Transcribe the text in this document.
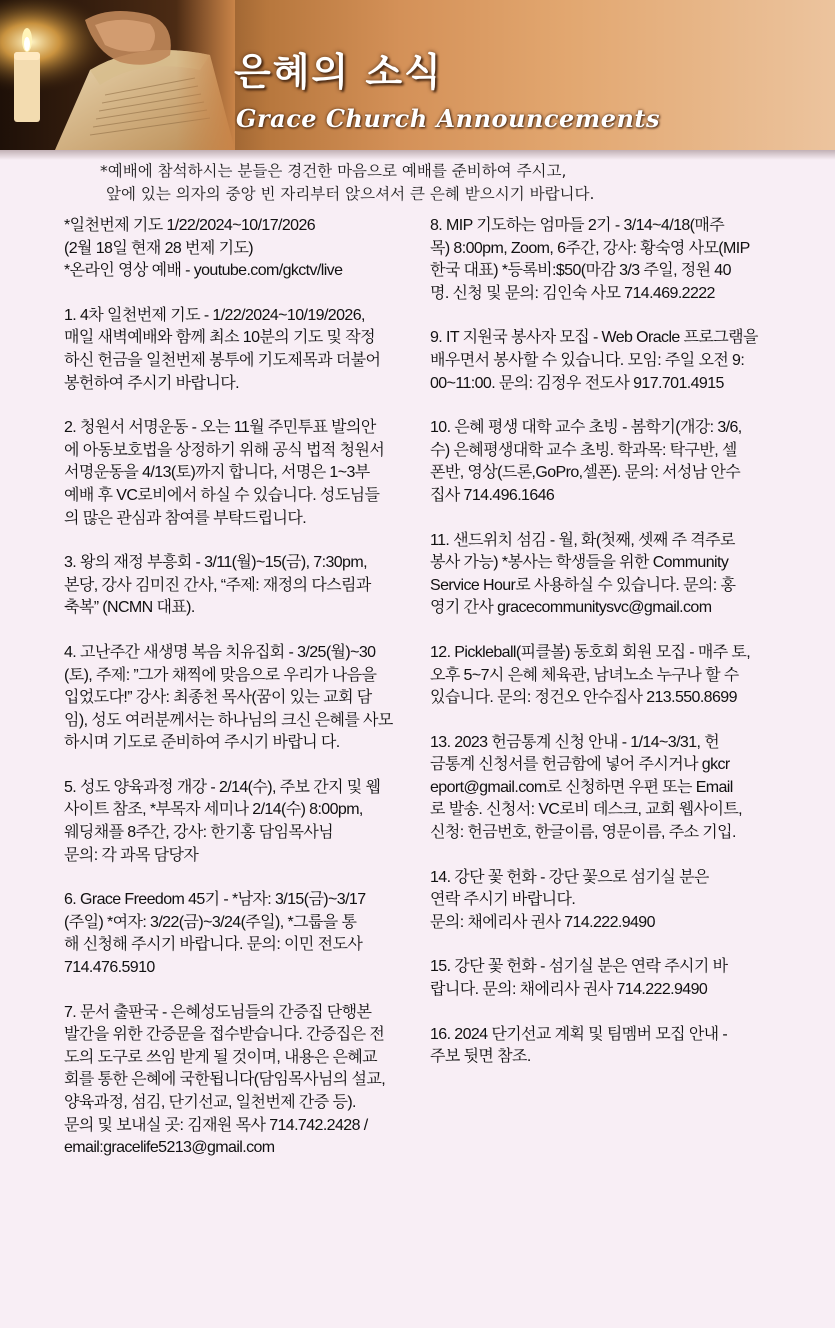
은혜의 소식
Grace Church Announcements

*예배에 참석하시는 분들은 경건한 마음으로 예배를 준비하여 주시고,

앞에 있는 의자의 중앙 빈 자리부터 앉으셔서 큰 은혜 받으시기 바랍니다.

*일천번제 기도 1/22/2024~10/17/2026

(2월 18일 현재 28 번제 기도)

*온라인 영상 예배 - youtube.com/gkctv/live

1. 4차 일천번제 기도 - 1/22/2024~10/19/2026,

매일 새벽예배와 함께 최소 10분의 기도 및 작정

하신 헌금을 일천번제 봉투에 기도제목과 더불어

봉헌하여 주시기 바랍니다.

2. 청원서 서명운동 - 오는 11월 주민투표 발의안

에 아동보호법을 상정하기 위해 공식 법적 청원서

서명운동을 4/13(토)까지 합니다, 서명은 1~3부

예배 후 VC로비에서 하실 수 있습니다. 성도님들

의 많은 관심과 참여를 부탁드립니다.

3. 왕의 재정 부흥회 - 3/11(월)~15(금), 7:30pm,

본당, 강사 김미진 간사, “주제: 재정의 다스림과

축복” (NCMN 대표).

4. 고난주간 새생명 복음 치유집회 - 3/25(월)~30

(토), 주제: ”그가 채찍에 맞음으로 우리가 나음을

입었도다!” 강사: 최종천 목사(꿈이 있는 교회 담

임), 성도 여러분께서는 하나님의 크신 은혜를 사모

하시며 기도로 준비하여 주시기 바랍니 다.

5. 성도 양육과정 개강 - 2/14(수), 주보 간지 및 웹

사이트 참조, *부목자 세미나 2/14(수) 8:00pm,

웨딩채플 8주간, 강사: 한기홍 담임목사님

문의: 각 과목 담당자

6. Grace Freedom 45기 - *남자: 3/15(금)~3/17

(주일) *여자: 3/22(금)~3/24(주일), *그룹을 통

해 신청해 주시기 바랍니다. 문의: 이민 전도사

714.476.5910

7. 문서 출판국 - 은혜성도님들의 간증집 단행본

발간을 위한 간증문을 접수받습니다. 간증집은 전

도의 도구로 쓰임 받게 될 것이며, 내용은 은혜교

회를 통한 은혜에 국한됩니다(담임목사님의 설교,

양육과정, 섬김, 단기선교, 일천번제 간증 등).

문의 및 보내실 곳: 김재원 목사 714.742.2428 /

email:gracelife5213@gmail.com

8. MIP 기도하는 엄마들 2기 - 3/14~4/18(매주

목) 8:00pm, Zoom, 6주간, 강사: 황숙영 사모(MIP

한국 대표) *등록비:$50(마감 3/3 주일, 정원 40

명. 신청 및 문의: 김인숙 사모 714.469.2222

9. IT 지원국 봉사자 모집 - Web Oracle 프로그램을

배우면서 봉사할 수 있습니다. 모임: 주일 오전 9:

00~11:00. 문의: 김정우 전도사 917.701.4915

10. 은혜 평생 대학 교수 초빙 - 봄학기(개강: 3/6,

수) 은혜평생대학 교수 초빙. 학과목: 탁구반, 셀

폰반, 영상(드론,GoPro,셀폰). 문의: 서성남 안수

집사 714.496.1646

11. 샌드위치 섬김 - 월, 화(첫째, 셋째 주 격주로

봉사 가능) *봉사는 학생들을 위한 Community

Service Hour로 사용하실 수 있습니다. 문의: 홍

영기 간사 gracecommunitysvc@gmail.com

12. Pickleball(피클볼) 동호회 회원 모집 - 매주 토,

오후 5~7시 은혜 체육관, 남녀노소 누구나 할 수

있습니다. 문의: 정건오 안수집사 213.550.8699

13. 2023 헌금통계 신청 안내 - 1/14~3/31, 헌

금통계 신청서를 헌금함에 넣어 주시거나 gkcr

eport@gmail.com로 신청하면 우편 또는 Email

로 발송. 신청서: VC로비 데스크, 교회 웹사이트,

신청: 헌금번호, 한글이름, 영문이름, 주소 기입.

14. 강단 꽃 헌화 - 강단 꽃으로 섬기실 분은

연락 주시기 바랍니다.

문의: 채에리사 권사 714.222.9490

15. 강단 꽃 헌화 - 섬기실 분은 연락 주시기 바

랍니다. 문의: 채에리사 권사 714.222.9490

16. 2024 단기선교 계획 및 팀멤버 모집 안내 -

주보 뒷면 참조.
